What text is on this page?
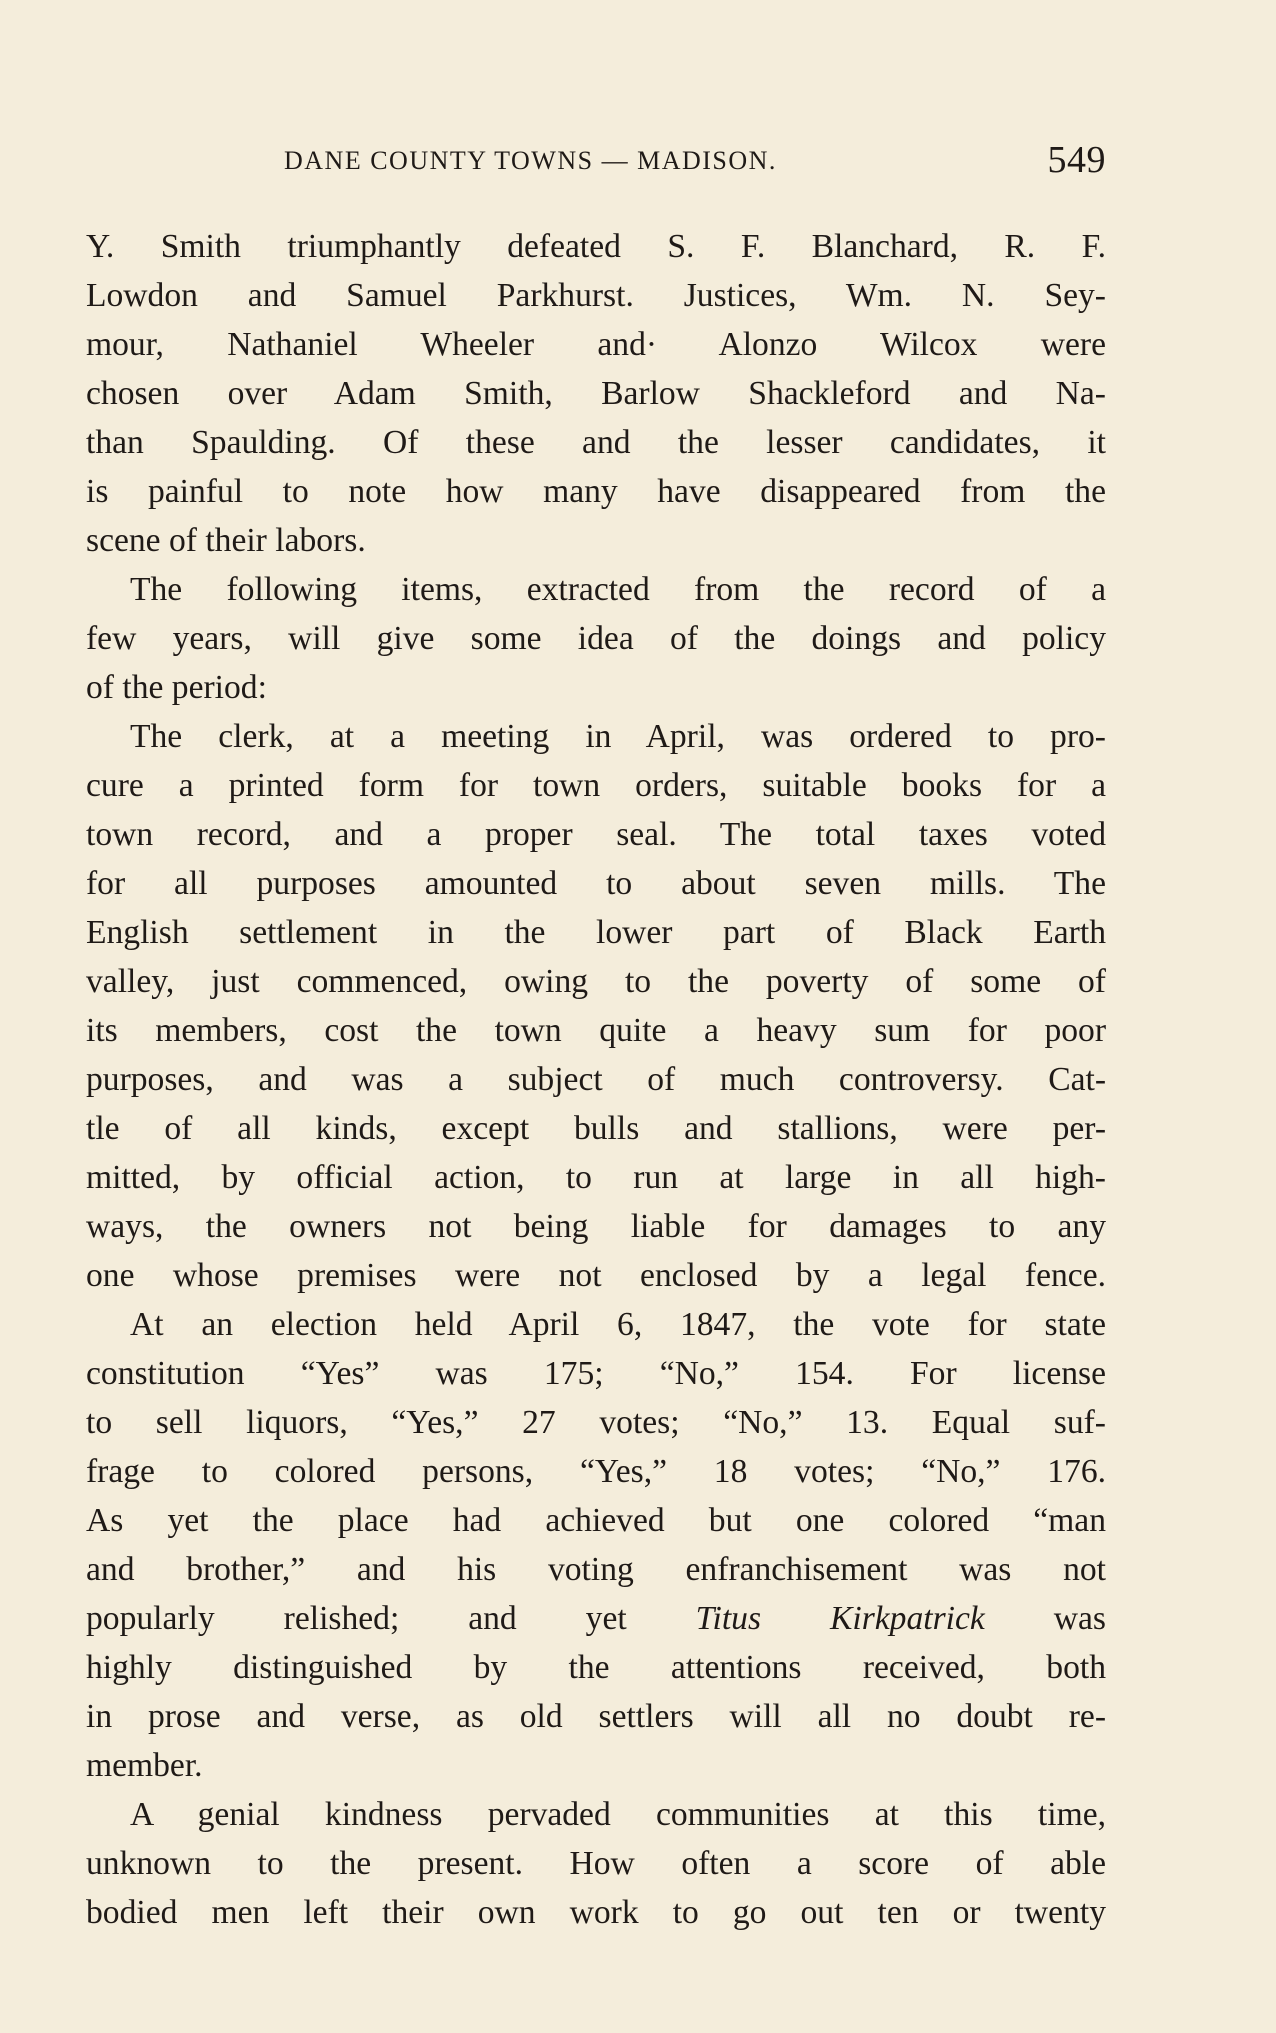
DANE COUNTY TOWNS — MADISON.	549
Y. Smith triumphantly defeated S. F. Blanchard, R. F.
Lowdon and Samuel Parkhurst. Justices, Wm. N. Sey-
mour, Nathaniel Wheeler and· Alonzo Wilcox were
chosen over Adam Smith, Barlow Shackleford and Na-
than Spaulding. Of these and the lesser candidates, it
is painful to note how many have disappeared from the
scene of their labors.
The following items, extracted from the record of a
few years, will give some idea of the doings and policy
of the period:
The clerk, at a meeting in April, was ordered to pro-
cure a printed form for town orders, suitable books for a
town record, and a proper seal. The total taxes voted
for all purposes amounted to about seven mills. The
English settlement in the lower part of Black Earth
valley, just commenced, owing to the poverty of some of
its members, cost the town quite a heavy sum for poor
purposes, and was a subject of much controversy. Cat-
tle of all kinds, except bulls and stallions, were per-
mitted, by official action, to run at large in all high-
ways, the owners not being liable for damages to any
one whose premises were not enclosed by a legal fence.
At an election held April 6, 1847, the vote for state
constitution “Yes” was 175; “No,” 154. For license
to sell liquors, “Yes,” 27 votes; “No,” 13. Equal suf-
frage to colored persons, “Yes,” 18 votes; “No,” 176.
As yet the place had achieved but one colored “man
and brother,” and his voting enfranchisement was not
popularly relished; and yet Titus Kirkpatrick was
highly distinguished by the attentions received, both
in prose and verse, as old settlers will all no doubt re-
member.
A genial kindness pervaded communities at this time,
unknown to the present. How often a score of able
bodied men left their own work to go out ten or twenty
